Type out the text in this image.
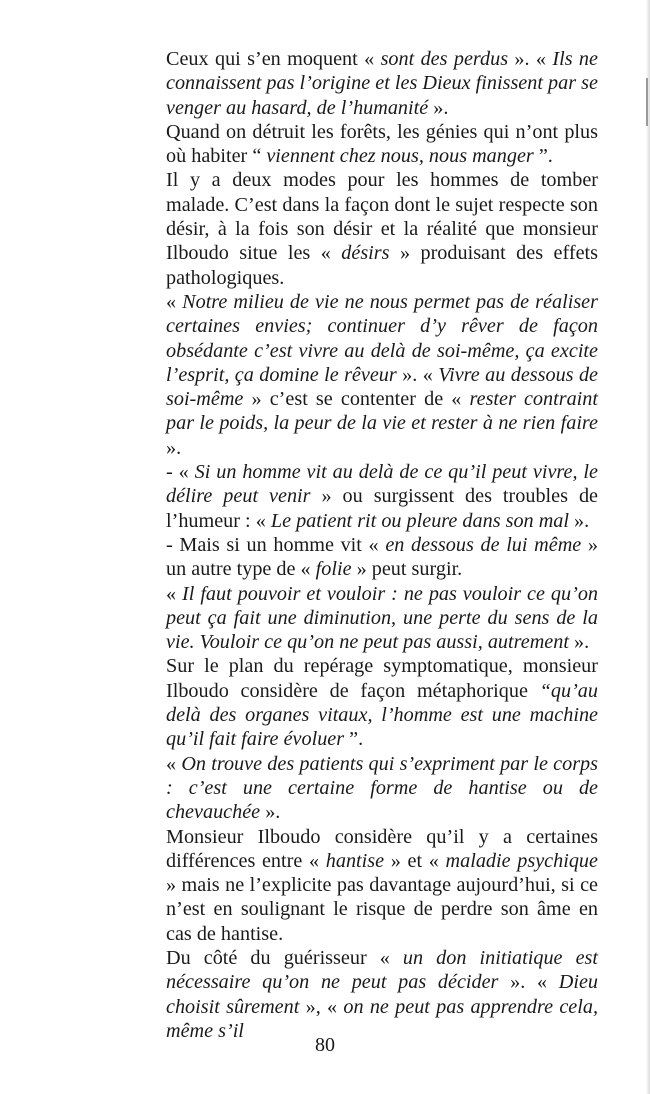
Ceux qui s’en moquent « sont des perdus ». « Ils ne connaissent pas l’origine et les Dieux finissent par se venger au hasard, de l’humanité ».

Quand on détruit les forêts, les génies qui n’ont plus où habiter “ viennent chez nous, nous manger ”.

Il y a deux modes pour les hommes de tomber malade. C’est dans la façon dont le sujet respecte son désir, à la fois son désir et la réalité que monsieur Ilboudo situe les « désirs » produisant des effets pathologiques.

« Notre milieu de vie ne nous permet pas de réaliser certaines envies; continuer d’y rêver de façon obsédante c’est vivre au delà de soi-même, ça excite l’esprit, ça domine le rêveur ». « Vivre au dessous de soi-même » c’est se contenter de « rester contraint par le poids, la peur de la vie et rester à ne rien faire ».

- « Si un homme vit au delà de ce qu’il peut vivre, le délire peut venir » ou surgissent des troubles de l’humeur : « Le patient rit ou pleure dans son mal ».

- Mais si un homme vit « en dessous de lui même » un autre type de « folie » peut surgir.

« Il faut pouvoir et vouloir : ne pas vouloir ce qu’on peut ça fait une diminution, une perte du sens de la vie. Vouloir ce qu’on ne peut pas aussi, autrement ».

Sur le plan du repérage symptomatique, monsieur Ilboudo considère de façon métaphorique “qu’au delà des organes vitaux, l’homme est une machine qu’il fait faire évoluer ”.

« On trouve des patients qui s’expriment par le corps : c’est une certaine forme de hantise ou de chevauchée ».

Monsieur Ilboudo considère qu’il y a certaines différences entre « hantise » et « maladie psychique » mais ne l’explicite pas davantage aujourd’hui, si ce n’est en soulignant le risque de perdre son âme en cas de hantise.

Du côté du guérisseur « un don initiatique est nécessaire qu’on ne peut pas décider ». « Dieu choisit sûrement », « on ne peut pas apprendre cela, même s’il

80
